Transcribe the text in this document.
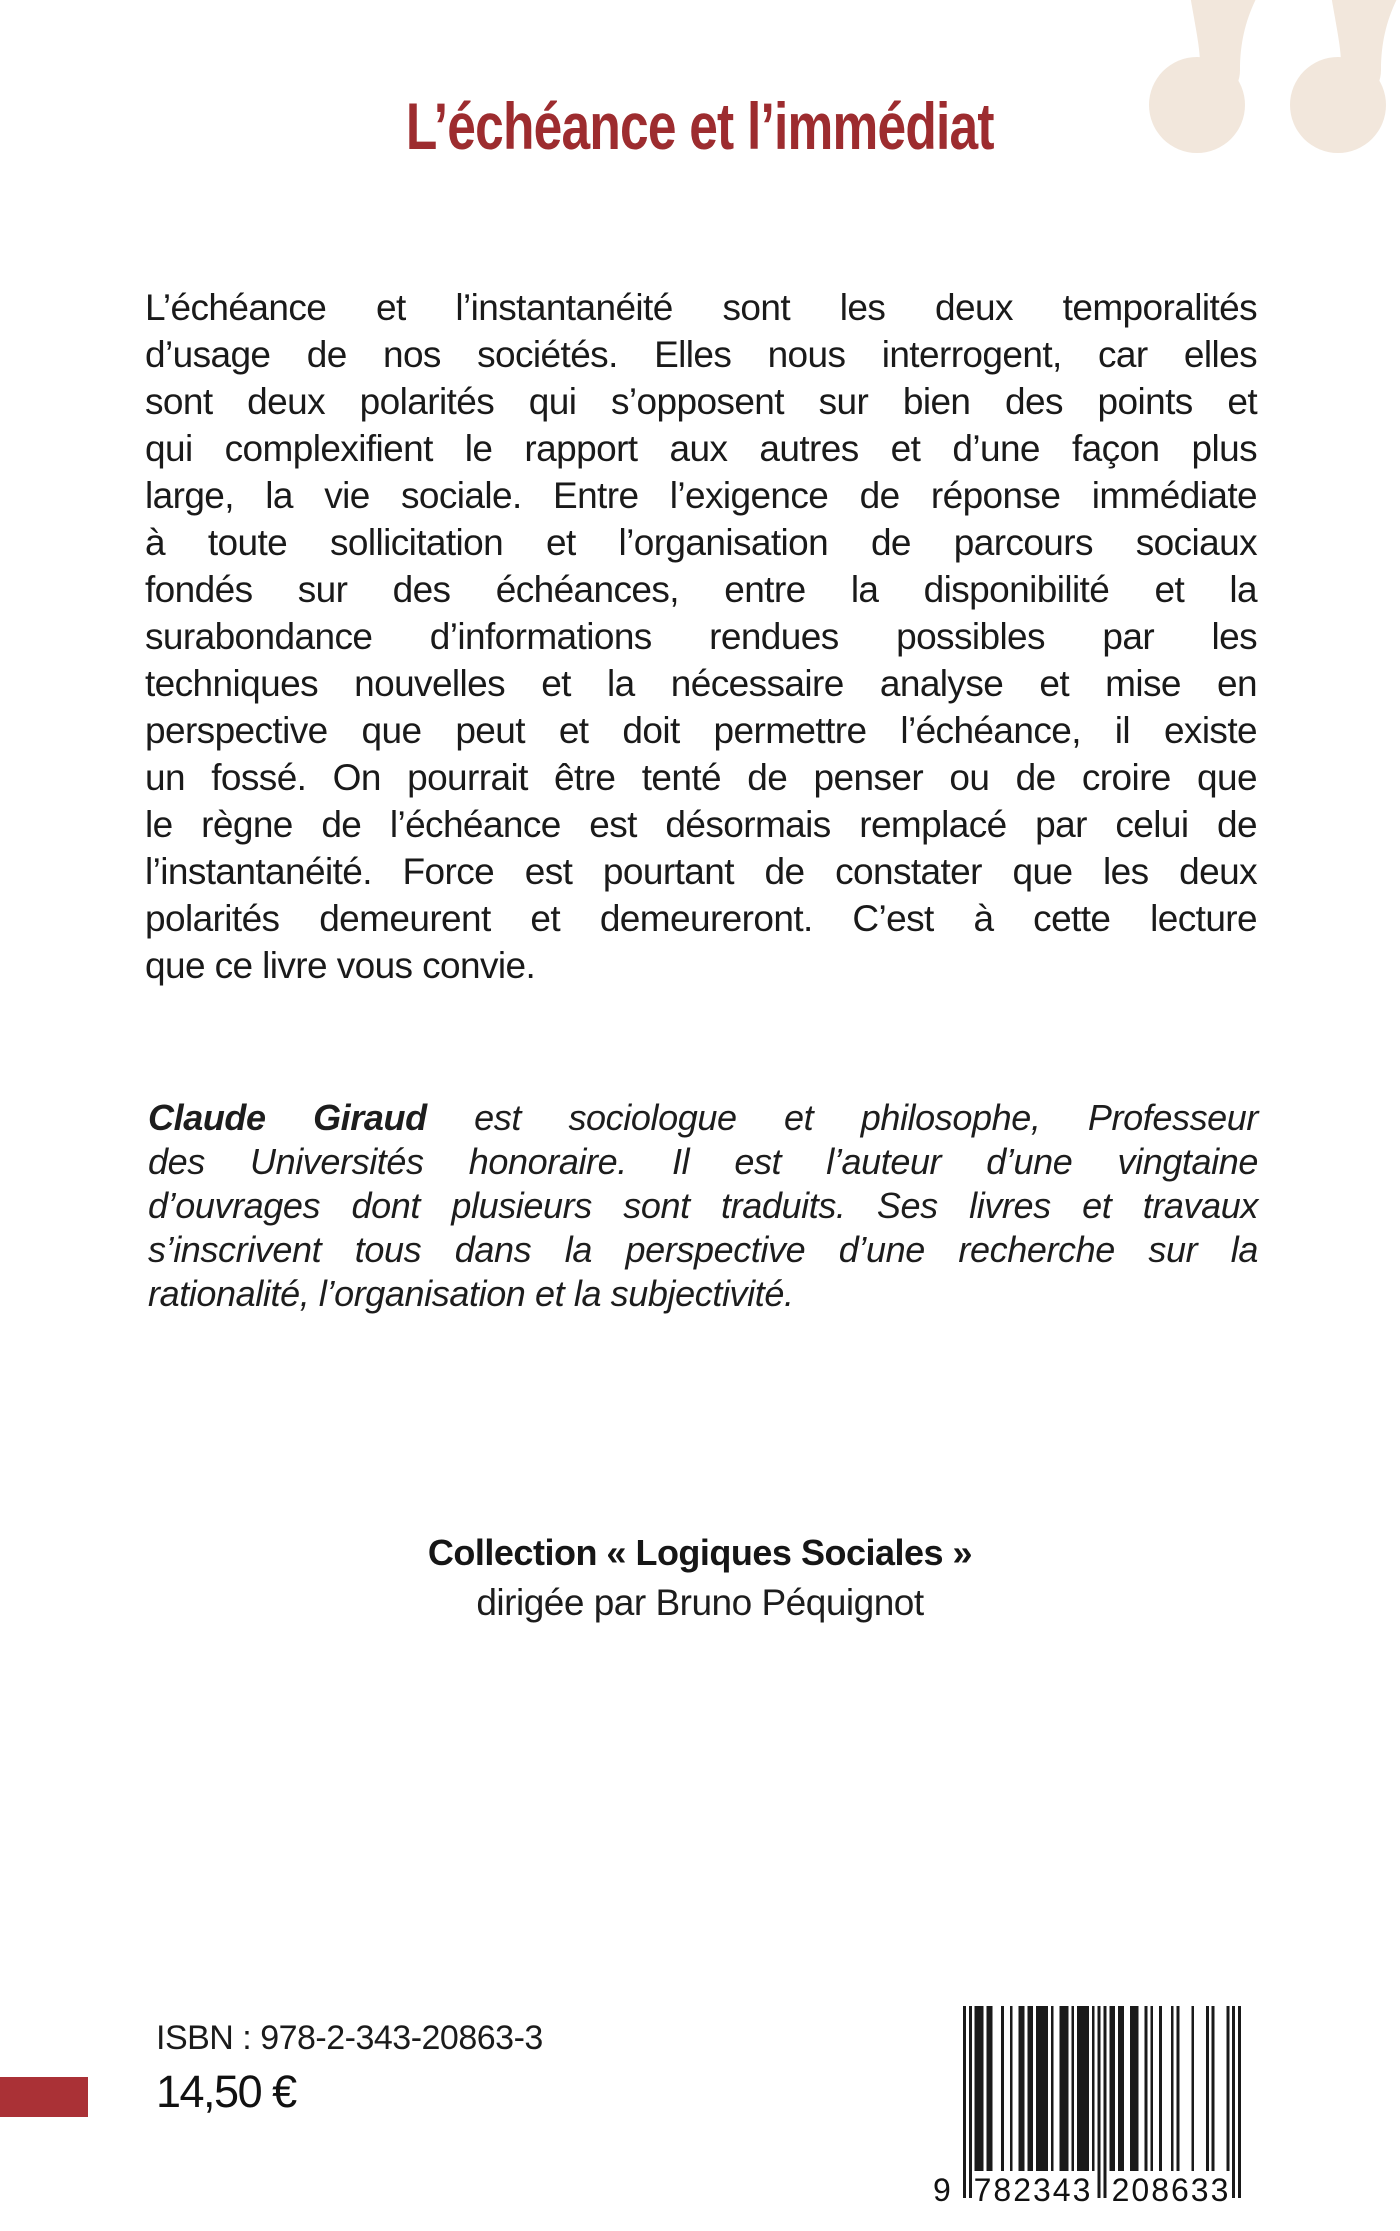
L’échéance et l’immédiat
L’échéance et l’instantanéité sont les deux temporalités
d’usage de nos sociétés. Elles nous interrogent, car elles
sont deux polarités qui s’opposent sur bien des points et
qui complexifient le rapport aux autres et d’une façon plus
large, la vie sociale. Entre l’exigence de réponse immédiate
à toute sollicitation et l’organisation de parcours sociaux
fondés sur des échéances, entre la disponibilité et la
surabondance d’informations rendues possibles par les
techniques nouvelles et la nécessaire analyse et mise en
perspective que peut et doit permettre l’échéance, il existe
un fossé. On pourrait être tenté de penser ou de croire que
le règne de l’échéance est désormais remplacé par celui de
l’instantanéité. Force est pourtant de constater que les deux
polarités demeurent et demeureront. C’est à cette lecture
que ce livre vous convie.
Claude Giraud est sociologue et philosophe, Professeur
des Universités honoraire. Il est l’auteur d’une vingtaine
d’ouvrages dont plusieurs sont traduits. Ses livres et travaux
s’inscrivent tous dans la perspective d’une recherche sur la
rationalité, l’organisation et la subjectivité.
Collection « Logiques Sociales »
dirigée par Bruno Péquignot
ISBN : 978-2-343-20863-3
14,50 €
9 782343 208633
